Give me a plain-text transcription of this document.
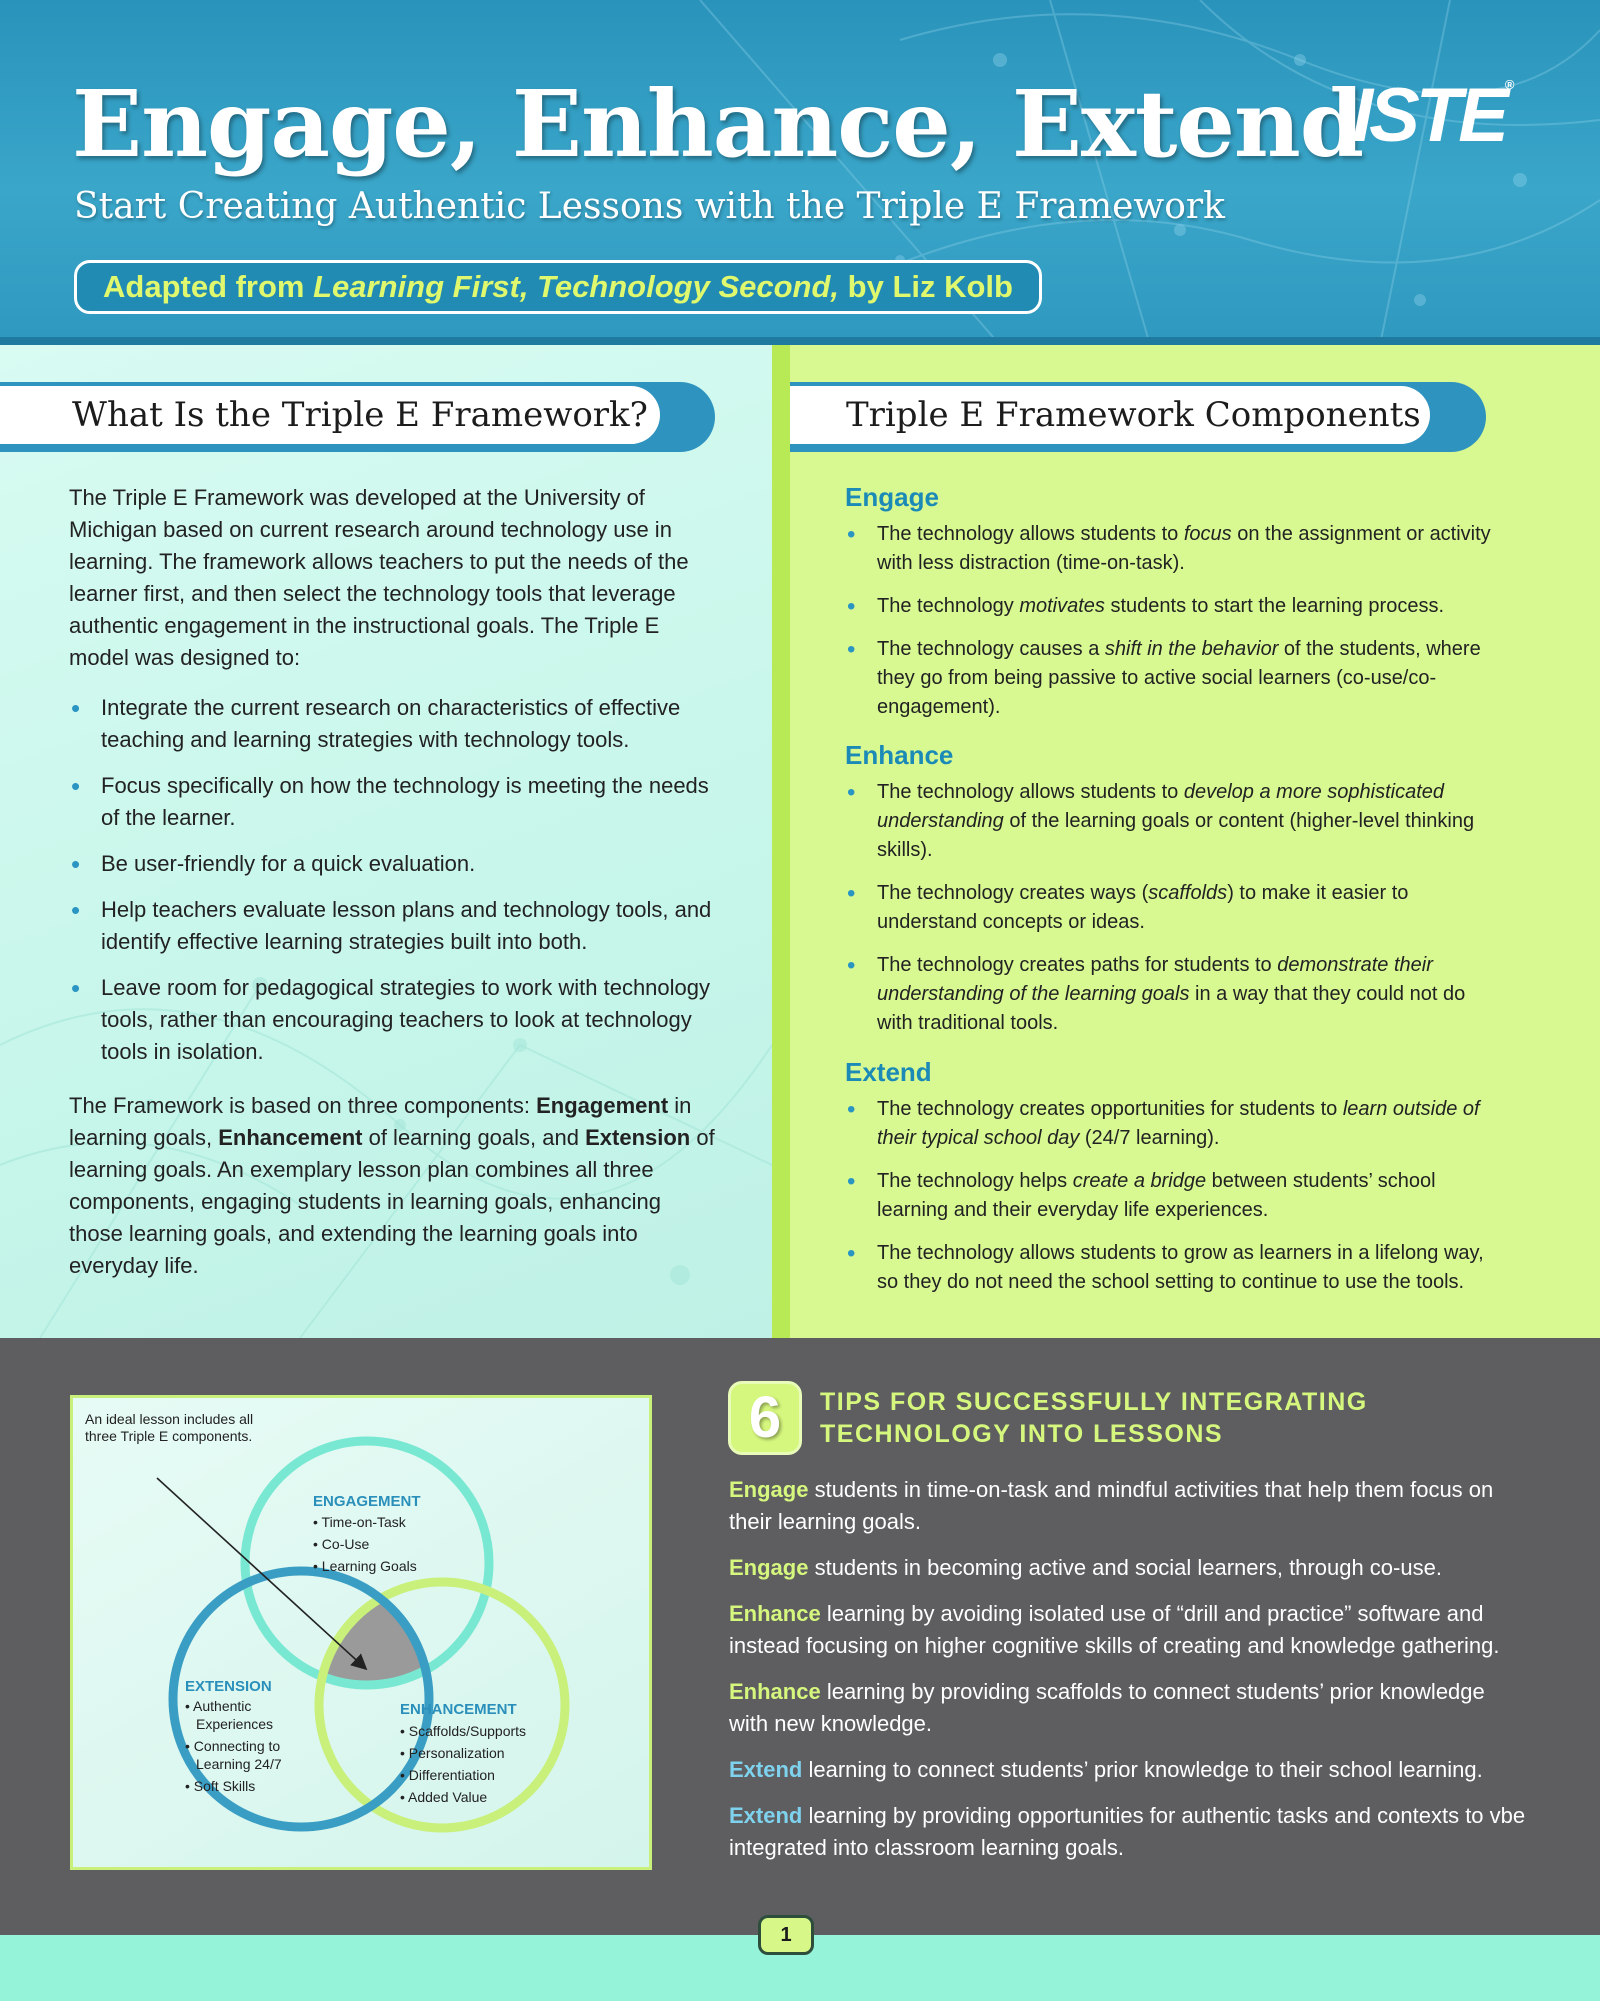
Engage, Enhance, Extend
Start Creating Authentic Lessons with the Triple E Framework
Adapted from Learning First, Technology Second, by Liz Kolb
ISTE®
What Is the Triple E Framework?
The Triple E Framework was developed at the University of Michigan based on current research around technology use in learning. The framework allows teachers to put the needs of the learner first, and then select the technology tools that leverage authentic engagement in the instructional goals. The Triple E model was designed to:
• Integrate the current research on characteristics of effective teaching and learning strategies with technology tools.
• Focus specifically on how the technology is meeting the needs of the learner.
• Be user-friendly for a quick evaluation.
• Help teachers evaluate lesson plans and technology tools, and identify effective learning strategies built into both.
• Leave room for pedagogical strategies to work with technology tools, rather than encouraging teachers to look at technology tools in isolation.
The Framework is based on three components: Engagement in learning goals, Enhancement of learning goals, and Extension of learning goals. An exemplary lesson plan combines all three components, engaging students in learning goals, enhancing those learning goals, and extending the learning goals into everyday life.
Triple E Framework Components
Engage
• The technology allows students to focus on the assignment or activity with less distraction (time-on-task).
• The technology motivates students to start the learning process.
• The technology causes a shift in the behavior of the students, where they go from being passive to active social learners (co-use/co-engagement).
Enhance
• The technology allows students to develop a more sophisticated understanding of the learning goals or content (higher-level thinking skills).
• The technology creates ways (scaffolds) to make it easier to understand concepts or ideas.
• The technology creates paths for students to demonstrate their understanding of the learning goals in a way that they could not do with traditional tools.
Extend
• The technology creates opportunities for students to learn outside of their typical school day (24/7 learning).
• The technology helps create a bridge between students’ school learning and their everyday life experiences.
• The technology allows students to grow as learners in a lifelong way, so they do not need the school setting to continue to use the tools.
An ideal lesson includes all
three Triple E components.
ENGAGEMENT
• Time-on-Task
• Co-Use
• Learning Goals
EXTENSION
• Authentic
Experiences
• Connecting to
Learning 24/7
• Soft Skills
ENHANCEMENT
• Scaffolds/Supports
• Personalization
• Differentiation
• Added Value
6	TIPS FOR SUCCESSFULLY INTEGRATING
TECHNOLOGY INTO LESSONS
Engage students in time-on-task and mindful activities that help them focus on their learning goals.
Engage students in becoming active and social learners, through co-use.
Enhance learning by avoiding isolated use of “drill and practice” software and instead focusing on higher cognitive skills of creating and knowledge gathering.
Enhance learning by providing scaffolds to connect students’ prior knowledge with new knowledge.
Extend learning to connect students’ prior knowledge to their school learning.
Extend learning by providing opportunities for authentic tasks and contexts to vbe integrated into classroom learning goals.
1
